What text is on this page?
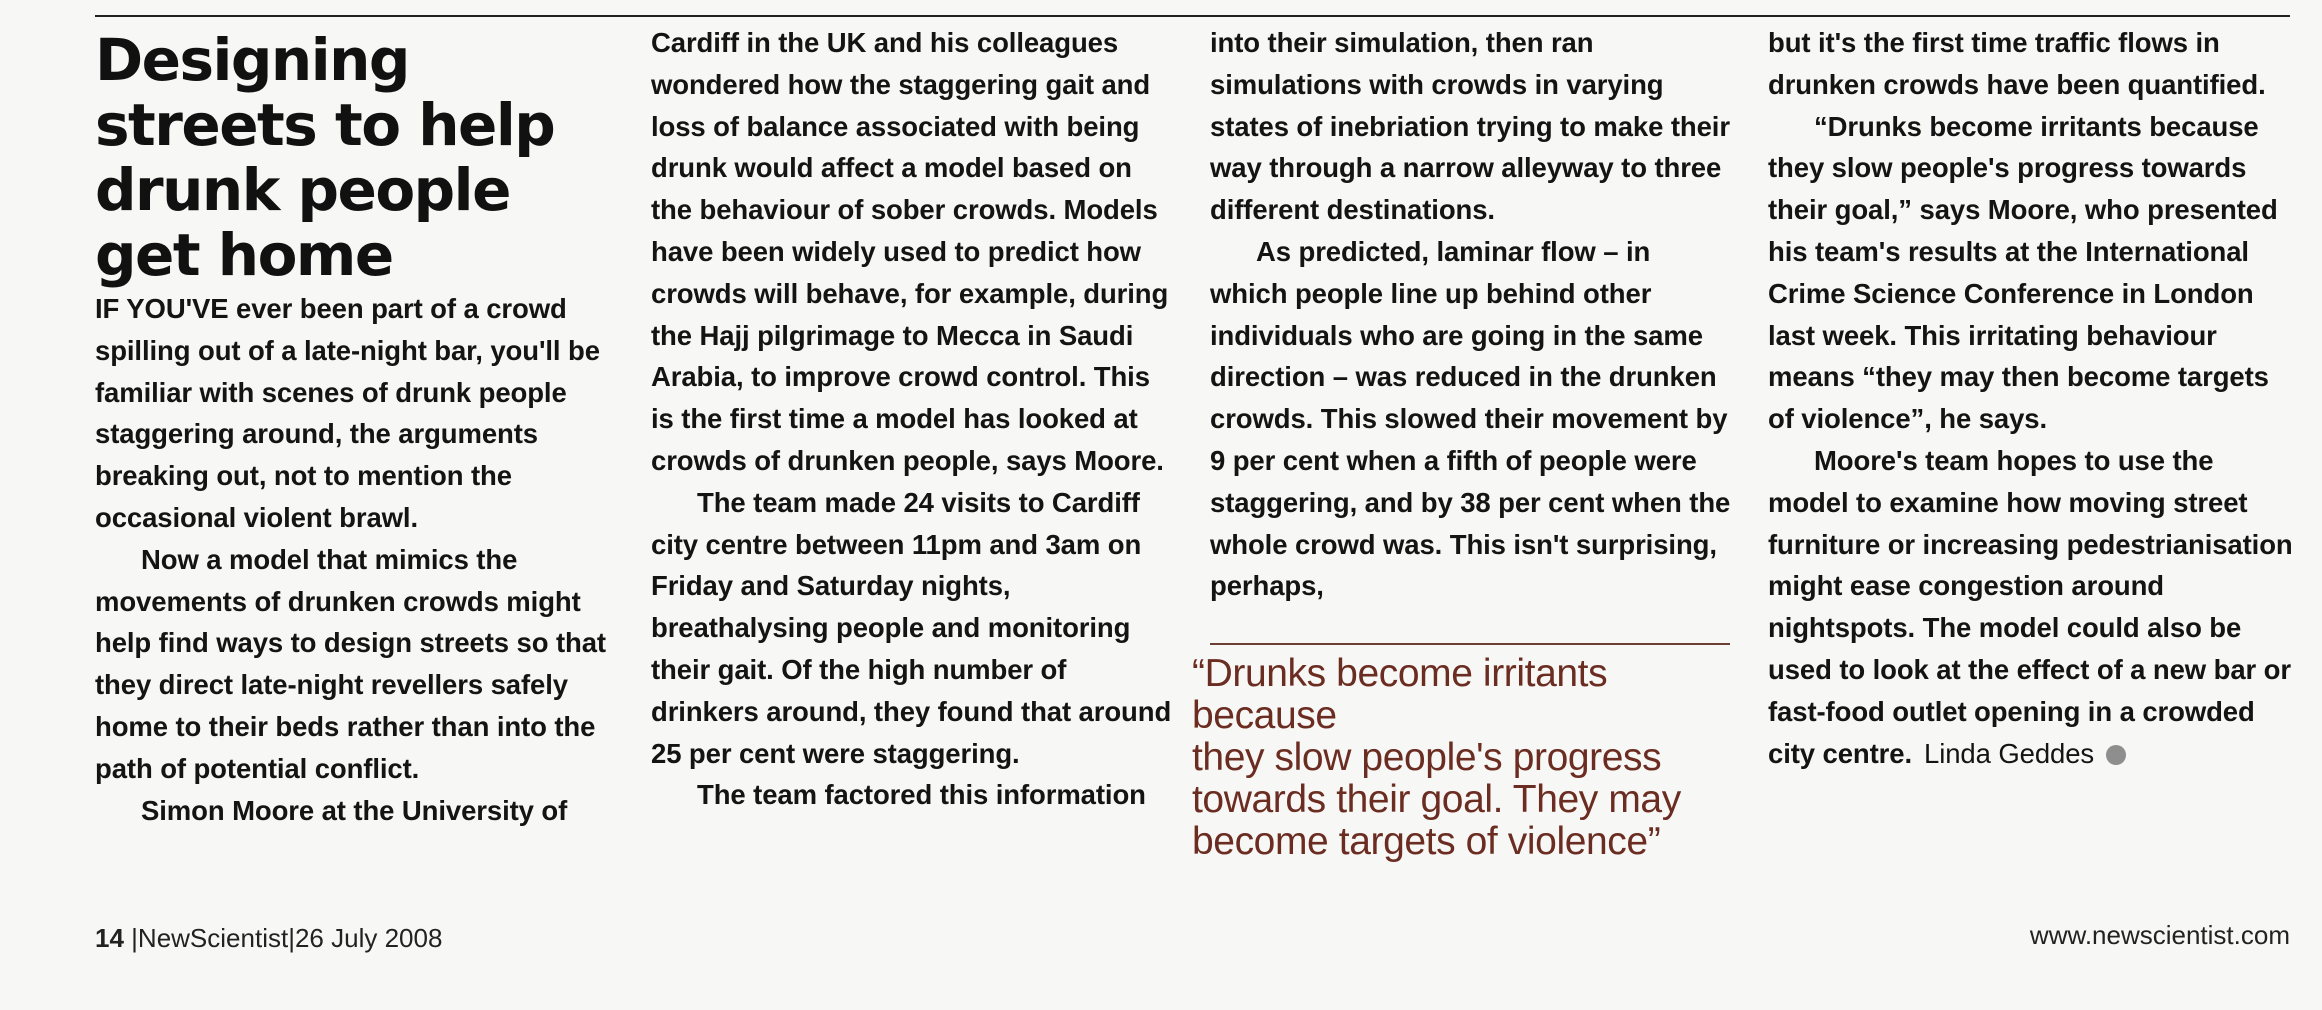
Designing streets to help drunk people get home

IF YOU'VE ever been part of a crowd spilling out of a late-night bar, you'll be familiar with scenes of drunk people staggering around, the arguments breaking out, not to mention the occasional violent brawl.

Now a model that mimics the movements of drunken crowds might help find ways to design streets so that they direct late-night revellers safely home to their beds rather than into the path of potential conflict.

Simon Moore at the University of

Cardiff in the UK and his colleagues wondered how the staggering gait and loss of balance associated with being drunk would affect a model based on the behaviour of sober crowds. Models have been widely used to predict how crowds will behave, for example, during the Hajj pilgrimage to Mecca in Saudi Arabia, to improve crowd control. This is the first time a model has looked at crowds of drunken people, says Moore.

The team made 24 visits to Cardiff city centre between 11pm and 3am on Friday and Saturday nights, breathalysing people and monitoring their gait. Of the high number of drinkers around, they found that around 25 per cent were staggering.

The team factored this information

into their simulation, then ran simulations with crowds in varying states of inebriation trying to make their way through a narrow alleyway to three different destinations.

As predicted, laminar flow – in which people line up behind other individuals who are going in the same direction – was reduced in the drunken crowds. This slowed their movement by 9 per cent when a fifth of people were staggering, and by 38 per cent when the whole crowd was. This isn't surprising, perhaps,

“Drunks become irritants because
they slow people's progress
towards their goal. They may
become targets of violence”

but it's the first time traffic flows in drunken crowds have been quantified.

“Drunks become irritants because they slow people's progress towards their goal,” says Moore, who presented his team's results at the International Crime Science Conference in London last week. This irritating behaviour means “they may then become targets of violence”, he says.

Moore's team hopes to use the model to examine how moving street furniture or increasing pedestrianisation might ease congestion around nightspots. The model could also be used to look at the effect of a new bar or fast-food outlet opening in a crowded city centre. Linda Geddes

14 |NewScientist|26 July 2008	www.newscientist.com
